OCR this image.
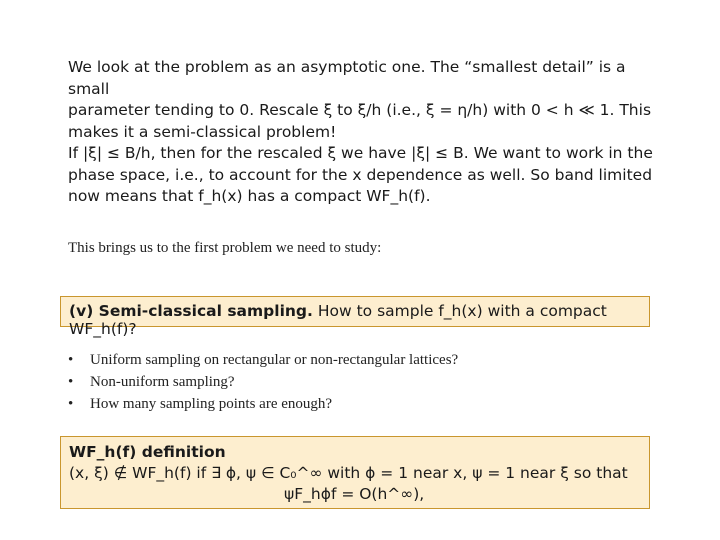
We look at the problem as an asymptotic one. The “smallest detail” is a small
parameter tending to 0. Rescale ξ to ξ/h (i.e., ξ = η/h) with 0 < h ≪ 1. This
makes it a semi-classical problem!
If |ξ| ≤ B/h, then for the rescaled ξ we have |ξ| ≤ B. We want to work in the
phase space, i.e., to account for the x dependence as well. So band limited
now means that f_h(x) has a compact WF_h(f).
This brings us to the first problem we need to study:
(v) Semi-classical sampling. How to sample f_h(x) with a compact WF_h(f)?
• Uniform sampling on rectangular or non-rectangular lattices?
• Non-uniform sampling?
• How many sampling points are enough?
WF_h(f) definition
(x, ξ) ∉ WF_h(f) if ∃ ϕ, ψ ∈ C₀^∞ with ϕ = 1 near x, ψ = 1 near ξ so that
ψF_hϕf = O(h^∞),
